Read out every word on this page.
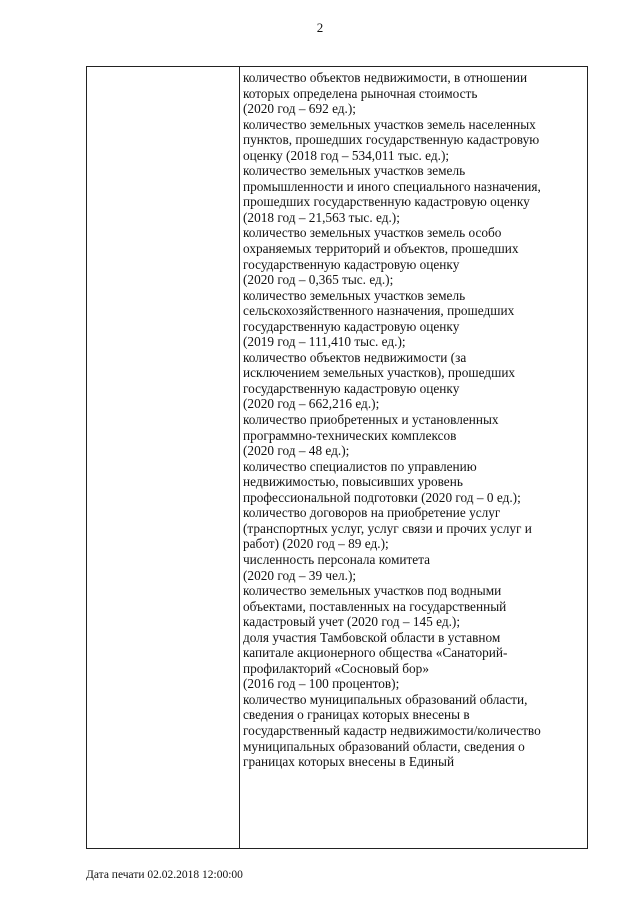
2
количество объектов недвижимости, в отношении
которых определена рыночная стоимость
(2020 год – 692 ед.);
количество земельных участков земель населенных
пунктов, прошедших государственную кадастровую
оценку (2018 год – 534,011 тыс. ед.);
количество земельных участков земель
промышленности и иного специального назначения,
прошедших государственную кадастровую оценку
(2018 год – 21,563 тыс. ед.);
количество земельных участков земель особо
охраняемых территорий и объектов, прошедших
государственную кадастровую оценку
(2020 год – 0,365 тыс. ед.);
количество земельных участков земель
сельскохозяйственного назначения, прошедших
государственную кадастровую оценку
(2019 год – 111,410 тыс. ед.);
количество объектов недвижимости (за
исключением земельных участков), прошедших
государственную кадастровую оценку
(2020 год – 662,216 ед.);
количество приобретенных и установленных
программно-технических комплексов
(2020 год – 48 ед.);
количество специалистов по управлению
недвижимостью, повысивших уровень
профессиональной подготовки (2020 год – 0 ед.);
количество договоров на приобретение услуг
(транспортных услуг, услуг связи и прочих услуг и
работ) (2020 год – 89 ед.);
численность персонала комитета
(2020 год – 39 чел.);
количество земельных участков под водными
объектами, поставленных на государственный
кадастровый учет (2020 год – 145 ед.);
доля участия Тамбовской области в уставном
капитале акционерного общества «Санаторий-
профилакторий «Сосновый бор»
(2016 год – 100 процентов);
количество муниципальных образований области,
сведения о границах которых внесены в
государственный кадастр недвижимости/количество
муниципальных образований области, сведения о
границах которых внесены в Единый
Дата печати 02.02.2018 12:00:00
